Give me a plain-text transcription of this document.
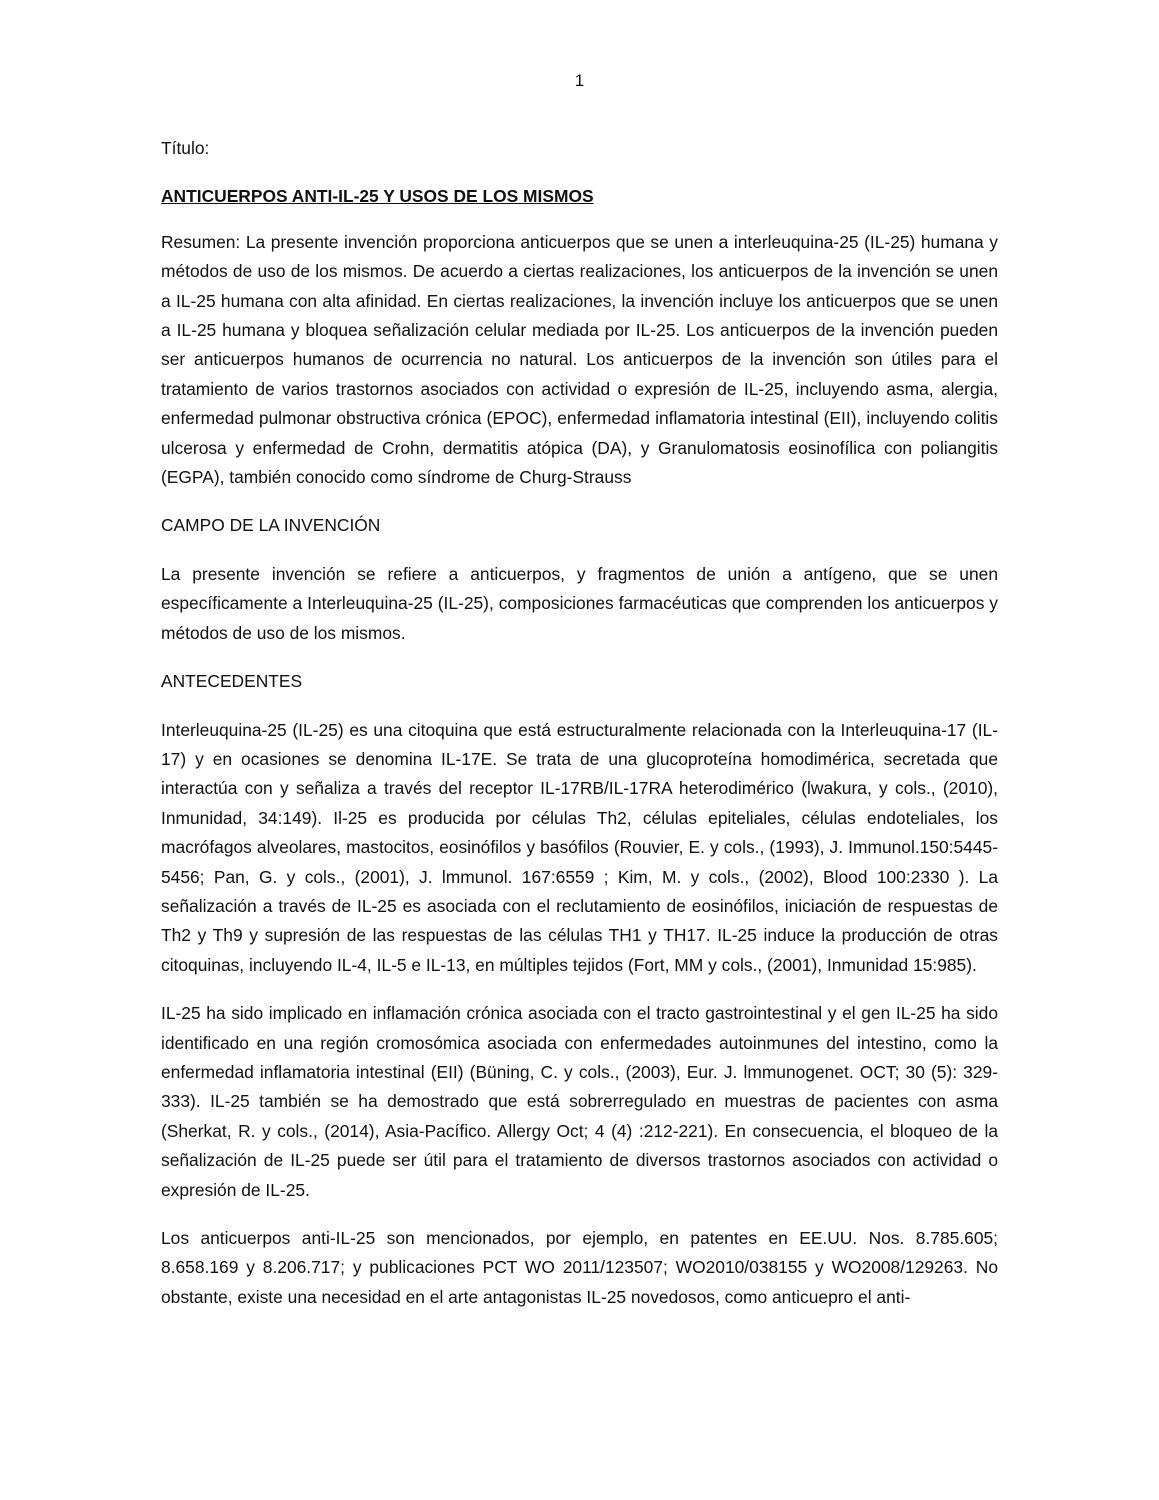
1

Título:

ANTICUERPOS ANTI-IL-25 Y USOS DE LOS MISMOS

Resumen: La presente invención proporciona anticuerpos que se unen a interleuquina-25 (IL-25) humana y métodos de uso de los mismos. De acuerdo a ciertas realizaciones, los anticuerpos de la invención se unen a IL-25 humana con alta afinidad. En ciertas realizaciones, la invención incluye los anticuerpos que se unen a IL-25 humana y bloquea señalización celular mediada por IL-25. Los anticuerpos de la invención pueden ser anticuerpos humanos de ocurrencia no natural. Los anticuerpos de la invención son útiles para el tratamiento de varios trastornos asociados con actividad o expresión de IL-25, incluyendo asma, alergia, enfermedad pulmonar obstructiva crónica (EPOC), enfermedad inflamatoria intestinal (EII), incluyendo colitis ulcerosa y enfermedad de Crohn, dermatitis atópica (DA), y Granulomatosis eosinofílica con poliangitis (EGPA), también conocido como síndrome de Churg-Strauss

CAMPO DE LA INVENCIÓN

La presente invención se refiere a anticuerpos, y fragmentos de unión a antígeno, que se unen específicamente a Interleuquina-25 (IL-25), composiciones farmacéuticas que comprenden los anticuerpos y métodos de uso de los mismos.

ANTECEDENTES

Interleuquina-25 (IL-25) es una citoquina que está estructuralmente relacionada con la Interleuquina-17 (IL-17) y en ocasiones se denomina IL-17E. Se trata de una glucoproteína homodimérica, secretada que interactúa con y señaliza a través del receptor IL-17RB/IL-17RA heterodimérico (lwakura, y cols., (2010), Inmunidad, 34:149). Il-25 es producida por células Th2, células epiteliales, células endoteliales, los macrófagos alveolares, mastocitos, eosinófilos y basófilos (Rouvier, E. y cols., (1993), J. Immunol.150:5445-5456; Pan, G. y cols., (2001), J. lmmunol. 167:6559 ; Kim, M. y cols., (2002), Blood 100:2330 ). La señalización a través de IL-25 es asociada con el reclutamiento de eosinófilos, iniciación de respuestas de Th2 y Th9 y supresión de las respuestas de las células TH1 y TH17. IL-25 induce la producción de otras citoquinas, incluyendo IL-4, IL-5 e IL-13, en múltiples tejidos (Fort, MM y cols., (2001), Inmunidad 15:985).

IL-25 ha sido implicado en inflamación crónica asociada con el tracto gastrointestinal y el gen IL-25 ha sido identificado en una región cromosómica asociada con enfermedades autoinmunes del intestino, como la enfermedad inflamatoria intestinal (EII) (Büning, C. y cols., (2003), Eur. J. lmmunogenet. OCT; 30 (5): 329-333). IL-25 también se ha demostrado que está sobrerregulado en muestras de pacientes con asma (Sherkat, R. y cols., (2014), Asia-Pacífico. Allergy Oct; 4 (4) :212-221). En consecuencia, el bloqueo de la señalización de IL-25 puede ser útil para el tratamiento de diversos trastornos asociados con actividad o expresión de IL-25.

Los anticuerpos anti-IL-25 son mencionados, por ejemplo, en patentes en EE.UU. Nos. 8.785.605; 8.658.169 y 8.206.717; y publicaciones PCT WO 2011/123507; WO2010/038155 y WO2008/129263. No obstante, existe una necesidad en el arte antagonistas IL-25 novedosos, como anticuepro el anti-
